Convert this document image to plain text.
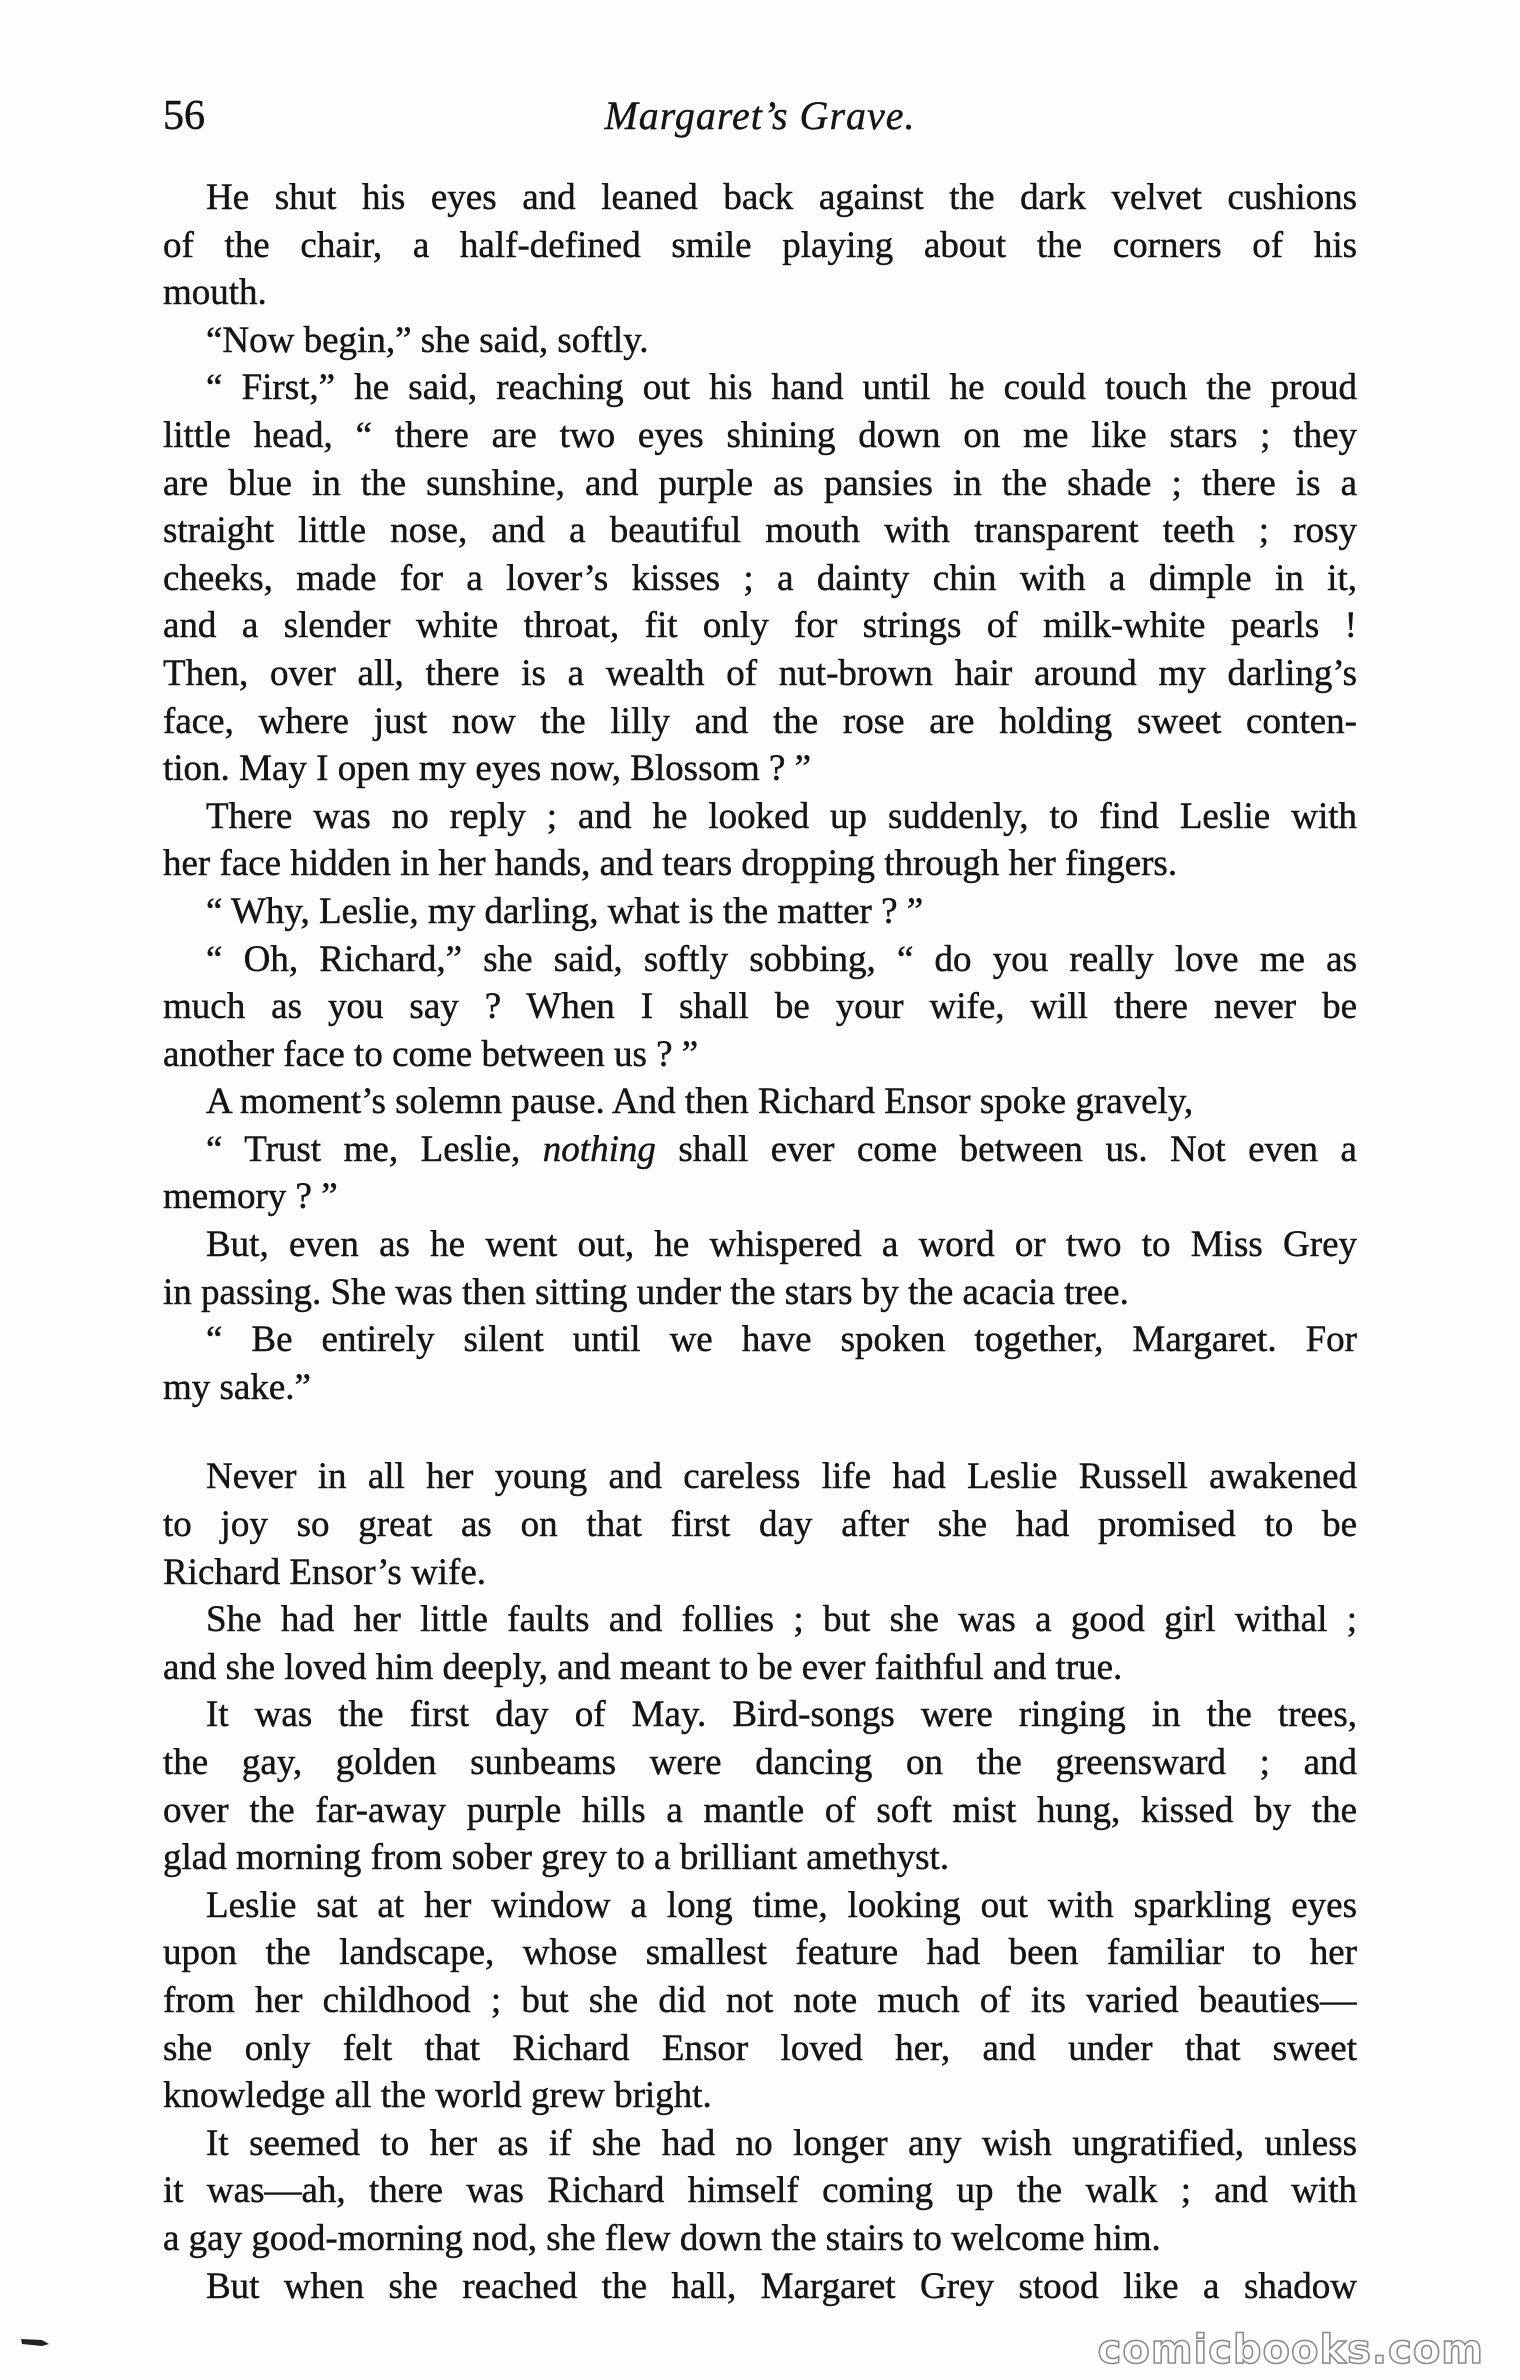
56	Margaret’s Grave.
He shut his eyes and leaned back against the dark velvet cushions
of the chair, a half-defined smile playing about the corners of his
mouth.
“Now begin,” she said, softly.
“ First,” he said, reaching out his hand until he could touch the proud
little head, “ there are two eyes shining down on me like stars ; they
are blue in the sunshine, and purple as pansies in the shade ; there is a
straight little nose, and a beautiful mouth with transparent teeth ; rosy
cheeks, made for a lover’s kisses ; a dainty chin with a dimple in it,
and a slender white throat, fit only for strings of milk-white pearls !
Then, over all, there is a wealth of nut-brown hair around my darling’s
face, where just now the lilly and the rose are holding sweet conten-
tion. May I open my eyes now, Blossom ? ”
There was no reply ; and he looked up suddenly, to find Leslie with
her face hidden in her hands, and tears dropping through her fingers.
“ Why, Leslie, my darling, what is the matter ? ”
“ Oh, Richard,” she said, softly sobbing, “ do you really love me as
much as you say ? When I shall be your wife, will there never be
another face to come between us ? ”
A moment’s solemn pause. And then Richard Ensor spoke gravely,
“ Trust me, Leslie, nothing shall ever come between us. Not even a
memory ? ”
But, even as he went out, he whispered a word or two to Miss Grey
in passing. She was then sitting under the stars by the acacia tree.
“ Be entirely silent until we have spoken together, Margaret. For
my sake.”
Never in all her young and careless life had Leslie Russell awakened
to joy so great as on that first day after she had promised to be
Richard Ensor’s wife.
She had her little faults and follies ; but she was a good girl withal ;
and she loved him deeply, and meant to be ever faithful and true.
It was the first day of May. Bird-songs were ringing in the trees,
the gay, golden sunbeams were dancing on the greensward ; and
over the far-away purple hills a mantle of soft mist hung, kissed by the
glad morning from sober grey to a brilliant amethyst.
Leslie sat at her window a long time, looking out with sparkling eyes
upon the landscape, whose smallest feature had been familiar to her
from her childhood ; but she did not note much of its varied beauties—
she only felt that Richard Ensor loved her, and under that sweet
knowledge all the world grew bright.
It seemed to her as if she had no longer any wish ungratified, unless
it was—ah, there was Richard himself coming up the walk ; and with
a gay good-morning nod, she flew down the stairs to welcome him.
But when she reached the hall, Margaret Grey stood like a shadow
comicbooks.com
